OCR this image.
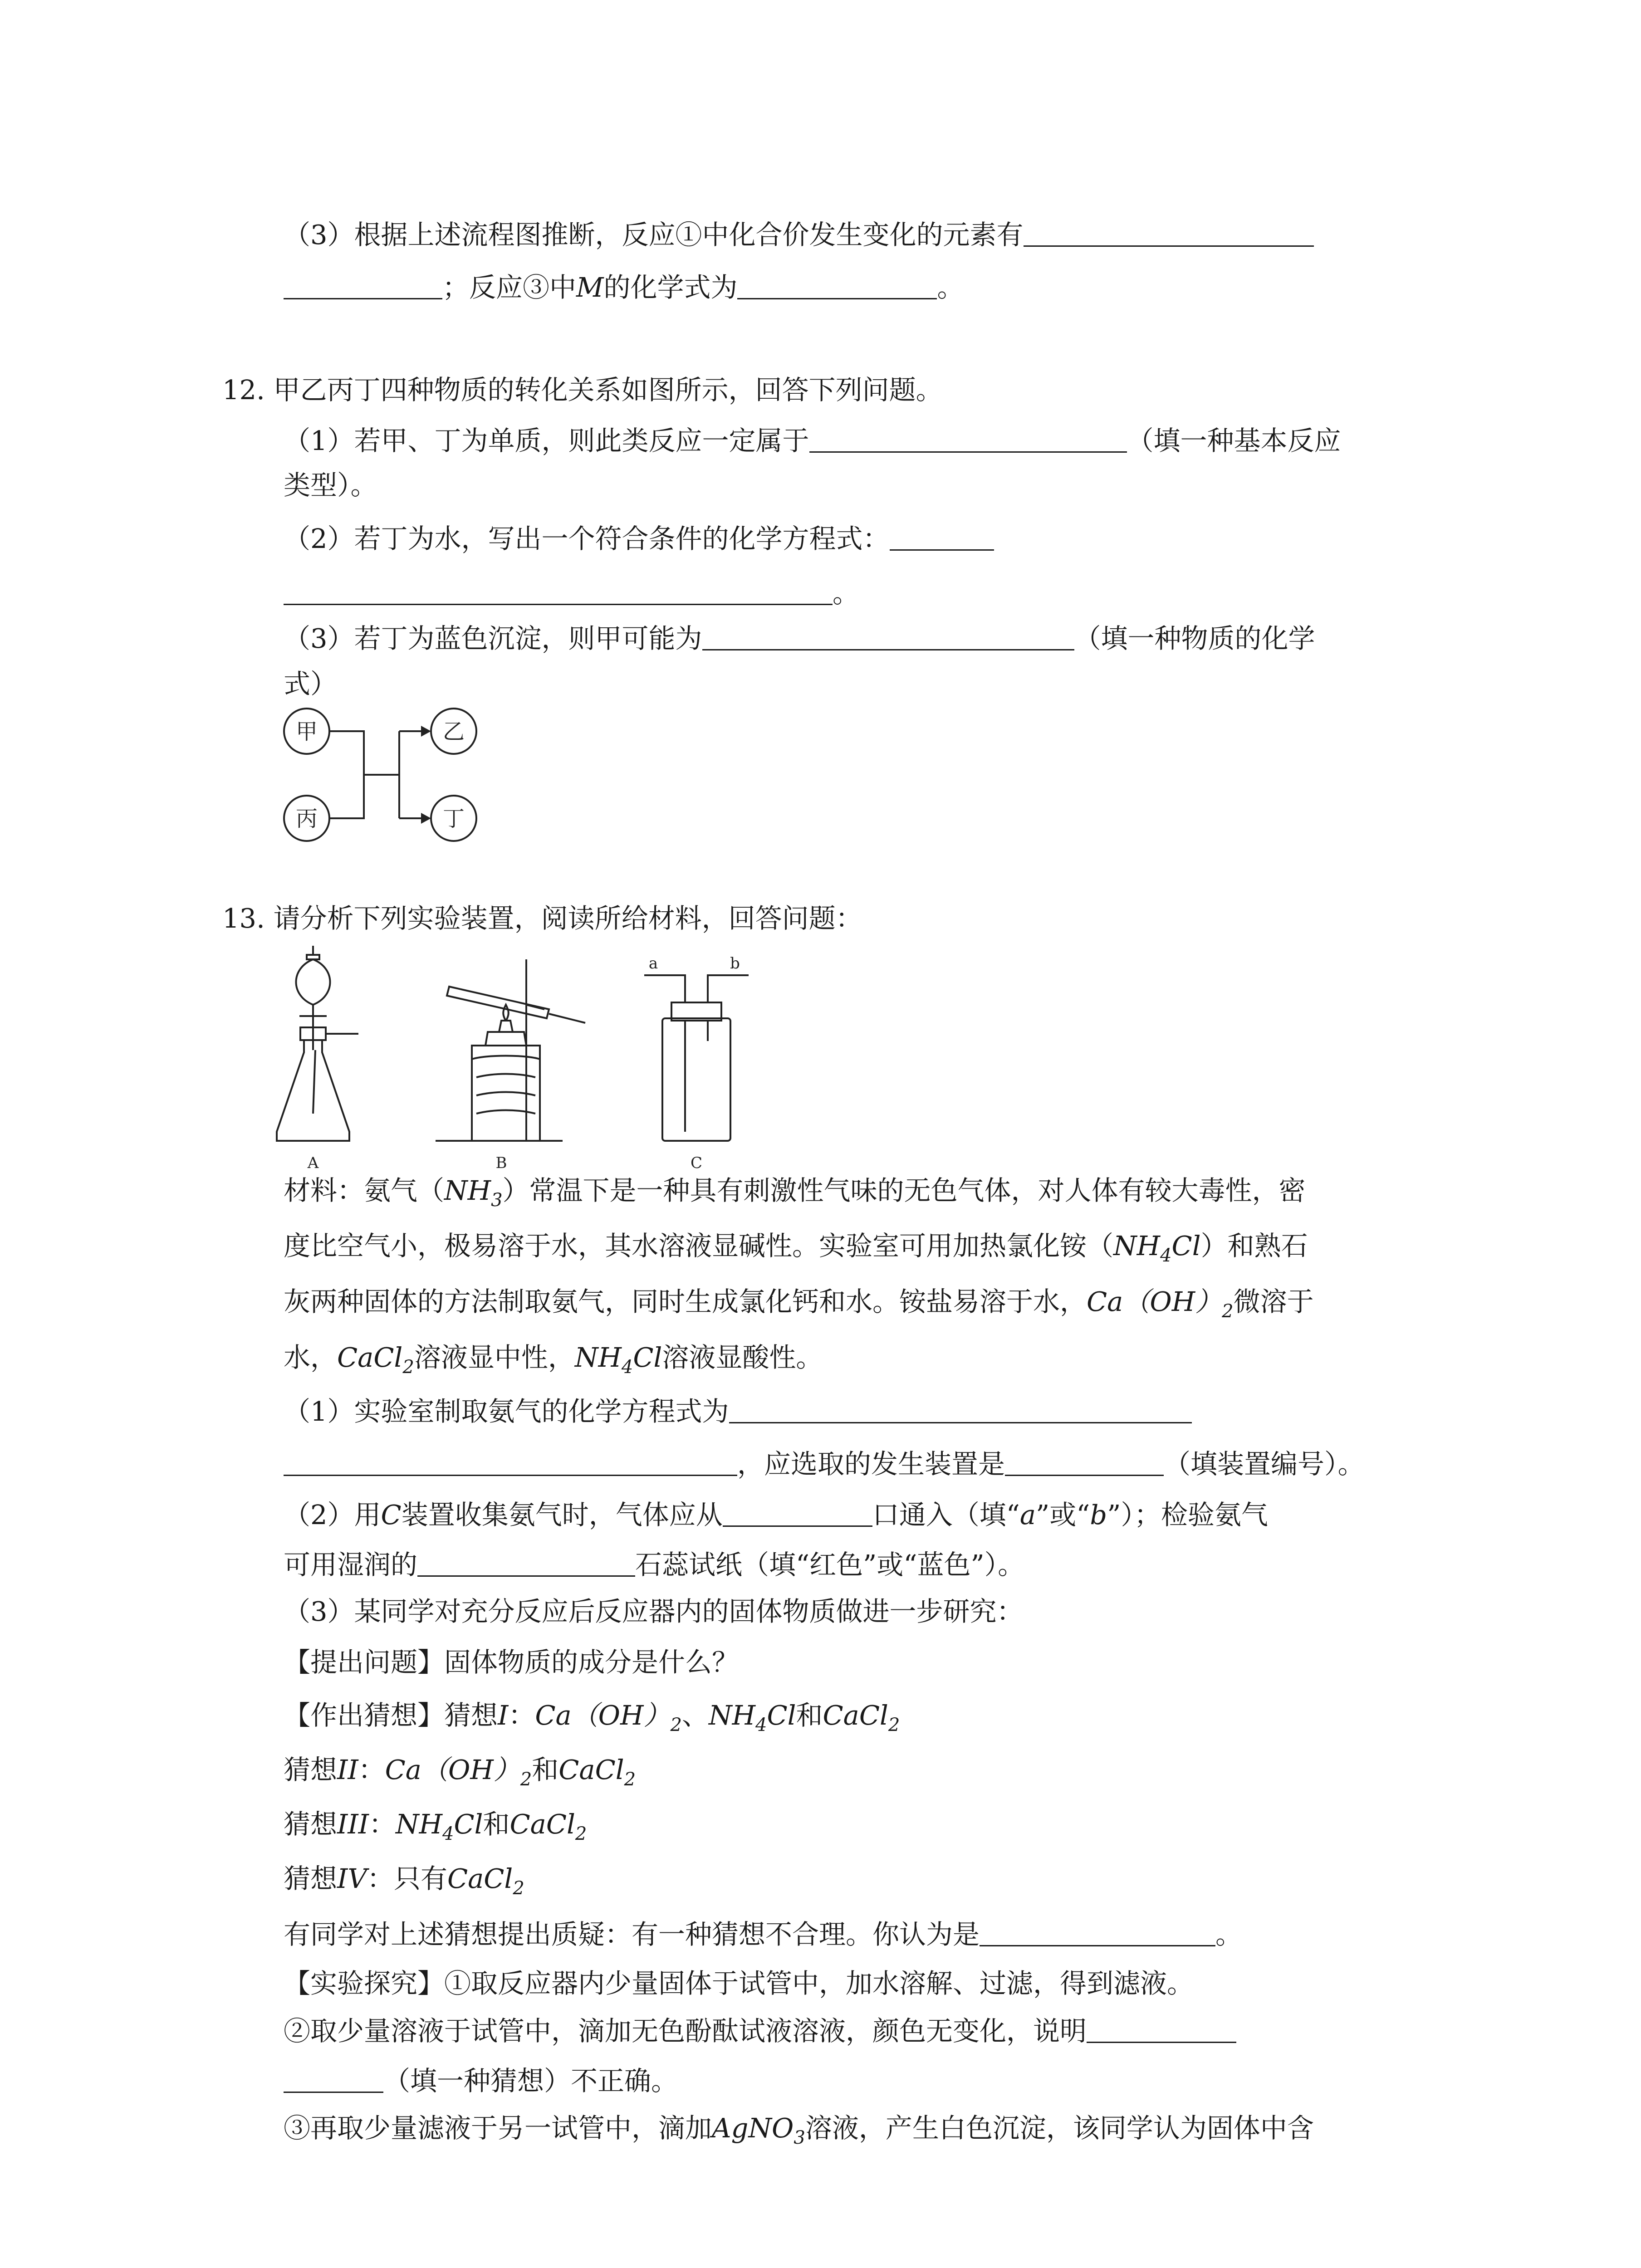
（3）根据上述流程图推断，反应①中化合价发生变化的元素有
；反应③中M的化学式为	。
12. 甲乙丙丁四种物质的转化关系如图所示，回答下列问题。
（1）若甲、丁为单质，则此类反应一定属于	（填一种基本反应
类型）。
（2）若丁为水，写出一个符合条件的化学方程式：
。
（3）若丁为蓝色沉淀，则甲可能为	（填一种物质的化学
式）
甲
丙
乙
丁
13. 请分析下列实验装置，阅读所给材料，回答问题：
A	B	C
a	b
材料：氨气$(NH_3)$常温下是一种具有刺激性气味的无色气体，对人体有较大毒性，密
度比空气小，极易溶于水，其水溶液显碱性。实验室可用加热氯化铵$(NH_4Cl)$和熟石
灰两种固体的方法制取氨气，同时生成氯化钙和水。铵盐易溶于水，$Ca(OH)_2$微溶于
水，CaCl$_2$溶液显中性，$NH_4Cl$溶液显酸性。
（1）实验室制取氨气的化学方程式为
，应选取的发生装置是	（填装置编号）。
（2）用C装置收集氨气时，气体应从	口通入（填“a”或“b”）；检验氨气
可用湿润的	石蕊试纸（填“红色”或“蓝色”）。
（3）某同学对充分反应后反应器内的固体物质做进一步研究：
【提出问题】固体物质的成分是什么？
【作出猜想】猜想I：$Ca(OH)_2$、$NH_4Cl$和CaCl$_2$
猜想II：$Ca(OH)_2$和CaCl$_2$
猜想III：$NH_4Cl$和CaCl$_2$
猜想IV：只有CaCl$_2$
有同学对上述猜想提出质疑：有一种猜想不合理。你认为是	。
【实验探究】①取反应器内少量固体于试管中，加水溶解、过滤，得到滤液。
②取少量溶液于试管中，滴加无色酚酞试液溶液，颜色无变化，说明
（填一种猜想）不正确。
③再取少量滤液于另一试管中，滴加AgNO$_3$溶液，产生白色沉淀，该同学认为固体中含
